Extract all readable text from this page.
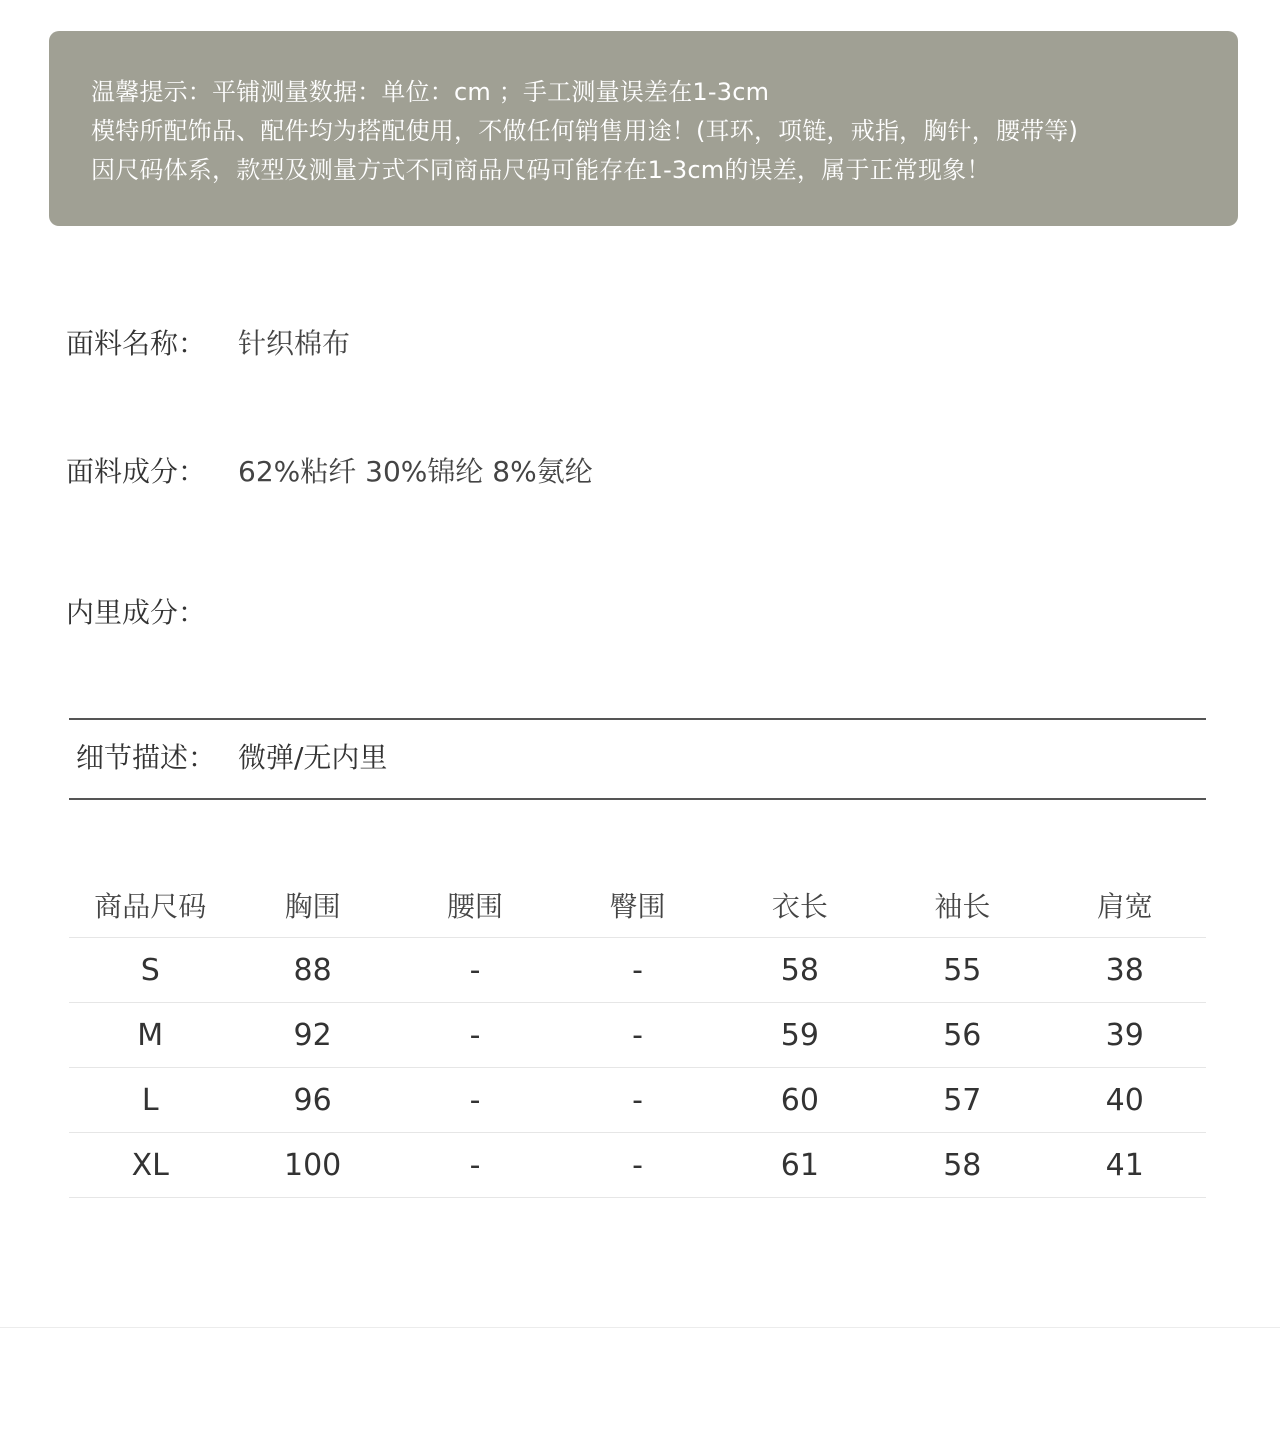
温馨提示：平铺测量数据：单位：cm ；手工测量误差在1-3cm
模特所配饰品、配件均为搭配使用，不做任何销售用途！(耳环，项链，戒指，胸针，腰带等)
因尺码体系，款型及测量方式不同商品尺码可能存在1-3cm的误差，属于正常现象！
面料名称： 针织棉布
面料成分： 62%粘纤 30%锦纶 8%氨纶
内里成分：
细节描述： 微弹/无内里
商品尺码	胸围	腰围	臀围	衣长	袖长	肩宽
S	88	-	-	58	55	38
M	92	-	-	59	56	39
L	96	-	-	60	57	40
XL	100	-	-	61	58	41
